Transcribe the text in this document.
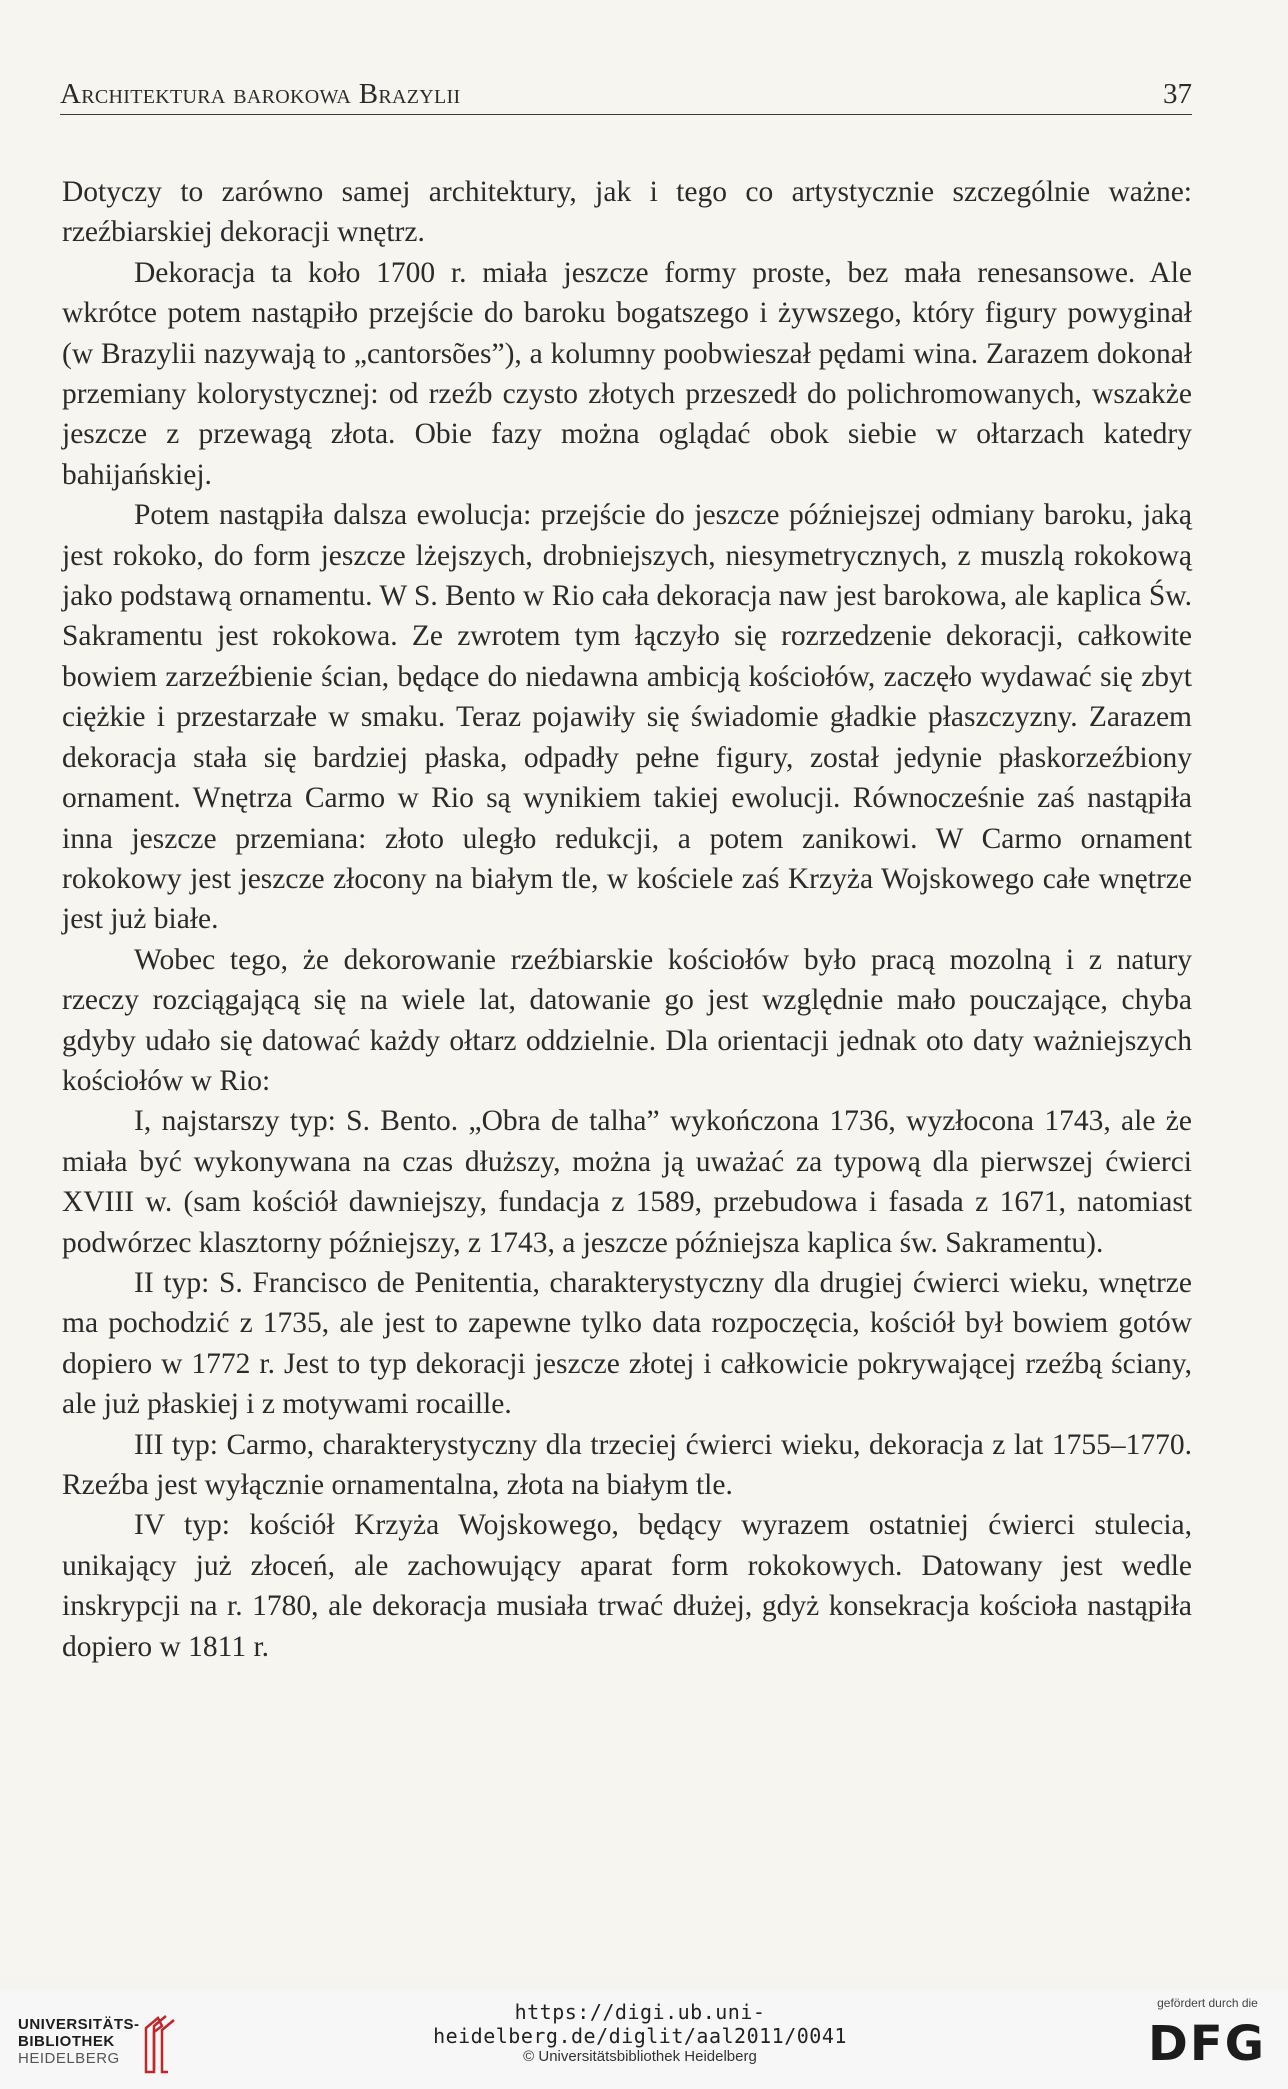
Architektura barokowa Brazylii	37

Dotyczy to zarówno samej architektury, jak i tego co artystycznie szczególnie ważne: rzeźbiarskiej dekoracji wnętrz.

Dekoracja ta koło 1700 r. miała jeszcze formy proste, bez mała renesansowe. Ale wkrótce potem nastąpiło przejście do baroku bogatszego i żywszego, który figury powyginał (w Brazylii nazywają to „cantorsões”), a kolumny poobwieszał pędami wina. Zarazem dokonał przemiany kolorystycznej: od rzeźb czysto złotych przeszedł do polichromowanych, wszakże jeszcze z przewagą złota. Obie fazy można oglądać obok siebie w ołtarzach katedry bahijańskiej.

Potem nastąpiła dalsza ewolucja: przejście do jeszcze późniejszej odmiany baroku, jaką jest rokoko, do form jeszcze lżejszych, drobniejszych, niesymetrycznych, z muszlą rokokową jako podstawą ornamentu. W S. Bento w Rio cała dekoracja naw jest barokowa, ale kaplica Św. Sakramentu jest rokokowa. Ze zwrotem tym łączyło się rozrzedzenie dekoracji, całkowite bowiem zarzeźbienie ścian, będące do niedawna ambicją kościołów, zaczęło wydawać się zbyt ciężkie i przestarzałe w smaku. Teraz pojawiły się świadomie gładkie płaszczyzny. Zarazem dekoracja stała się bardziej płaska, odpadły pełne figury, został jedynie płaskorzeźbiony ornament. Wnętrza Carmo w Rio są wynikiem takiej ewolucji. Równocześnie zaś nastąpiła inna jeszcze przemiana: złoto uległo redukcji, a potem zanikowi. W Carmo ornament rokokowy jest jeszcze złocony na białym tle, w kościele zaś Krzyża Wojskowego całe wnętrze jest już białe.

Wobec tego, że dekorowanie rzeźbiarskie kościołów było pracą mozolną i z natury rzeczy rozciągającą się na wiele lat, datowanie go jest względnie mało pouczające, chyba gdyby udało się datować każdy ołtarz oddzielnie. Dla orientacji jednak oto daty ważniejszych kościołów w Rio:

I, najstarszy typ: S. Bento. „Obra de talha” wykończona 1736, wyzłocona 1743, ale że miała być wykonywana na czas dłuższy, można ją uważać za typową dla pierwszej ćwierci XVIII w. (sam kościół dawniejszy, fundacja z 1589, przebudowa i fasada z 1671, natomiast podwórzec klasztorny późniejszy, z 1743, a jeszcze późniejsza kaplica św. Sakramentu).

II typ: S. Francisco de Penitentia, charakterystyczny dla drugiej ćwierci wieku, wnętrze ma pochodzić z 1735, ale jest to zapewne tylko data rozpoczęcia, kościół był bowiem gotów dopiero w 1772 r. Jest to typ dekoracji jeszcze złotej i całkowicie pokrywającej rzeźbą ściany, ale już płaskiej i z motywami rocaille.

III typ: Carmo, charakterystyczny dla trzeciej ćwierci wieku, dekoracja z lat 1755–1770. Rzeźba jest wyłącznie ornamentalna, złota na białym tle.

IV typ: kościół Krzyża Wojskowego, będący wyrazem ostatniej ćwierci stulecia, unikający już złoceń, ale zachowujący aparat form rokokowych. Datowany jest wedle inskrypcji na r. 1780, ale dekoracja musiała trwać dłużej, gdyż konsekracja kościoła nastąpiła dopiero w 1811 r.

UNIVERSITÄTS-
BIBLIOTHEK
HEIDELBERG
https://digi.ub.uni-heidelberg.de/diglit/aal2011/0041
© Universitätsbibliothek Heidelberg
gefördert durch die
DFG
